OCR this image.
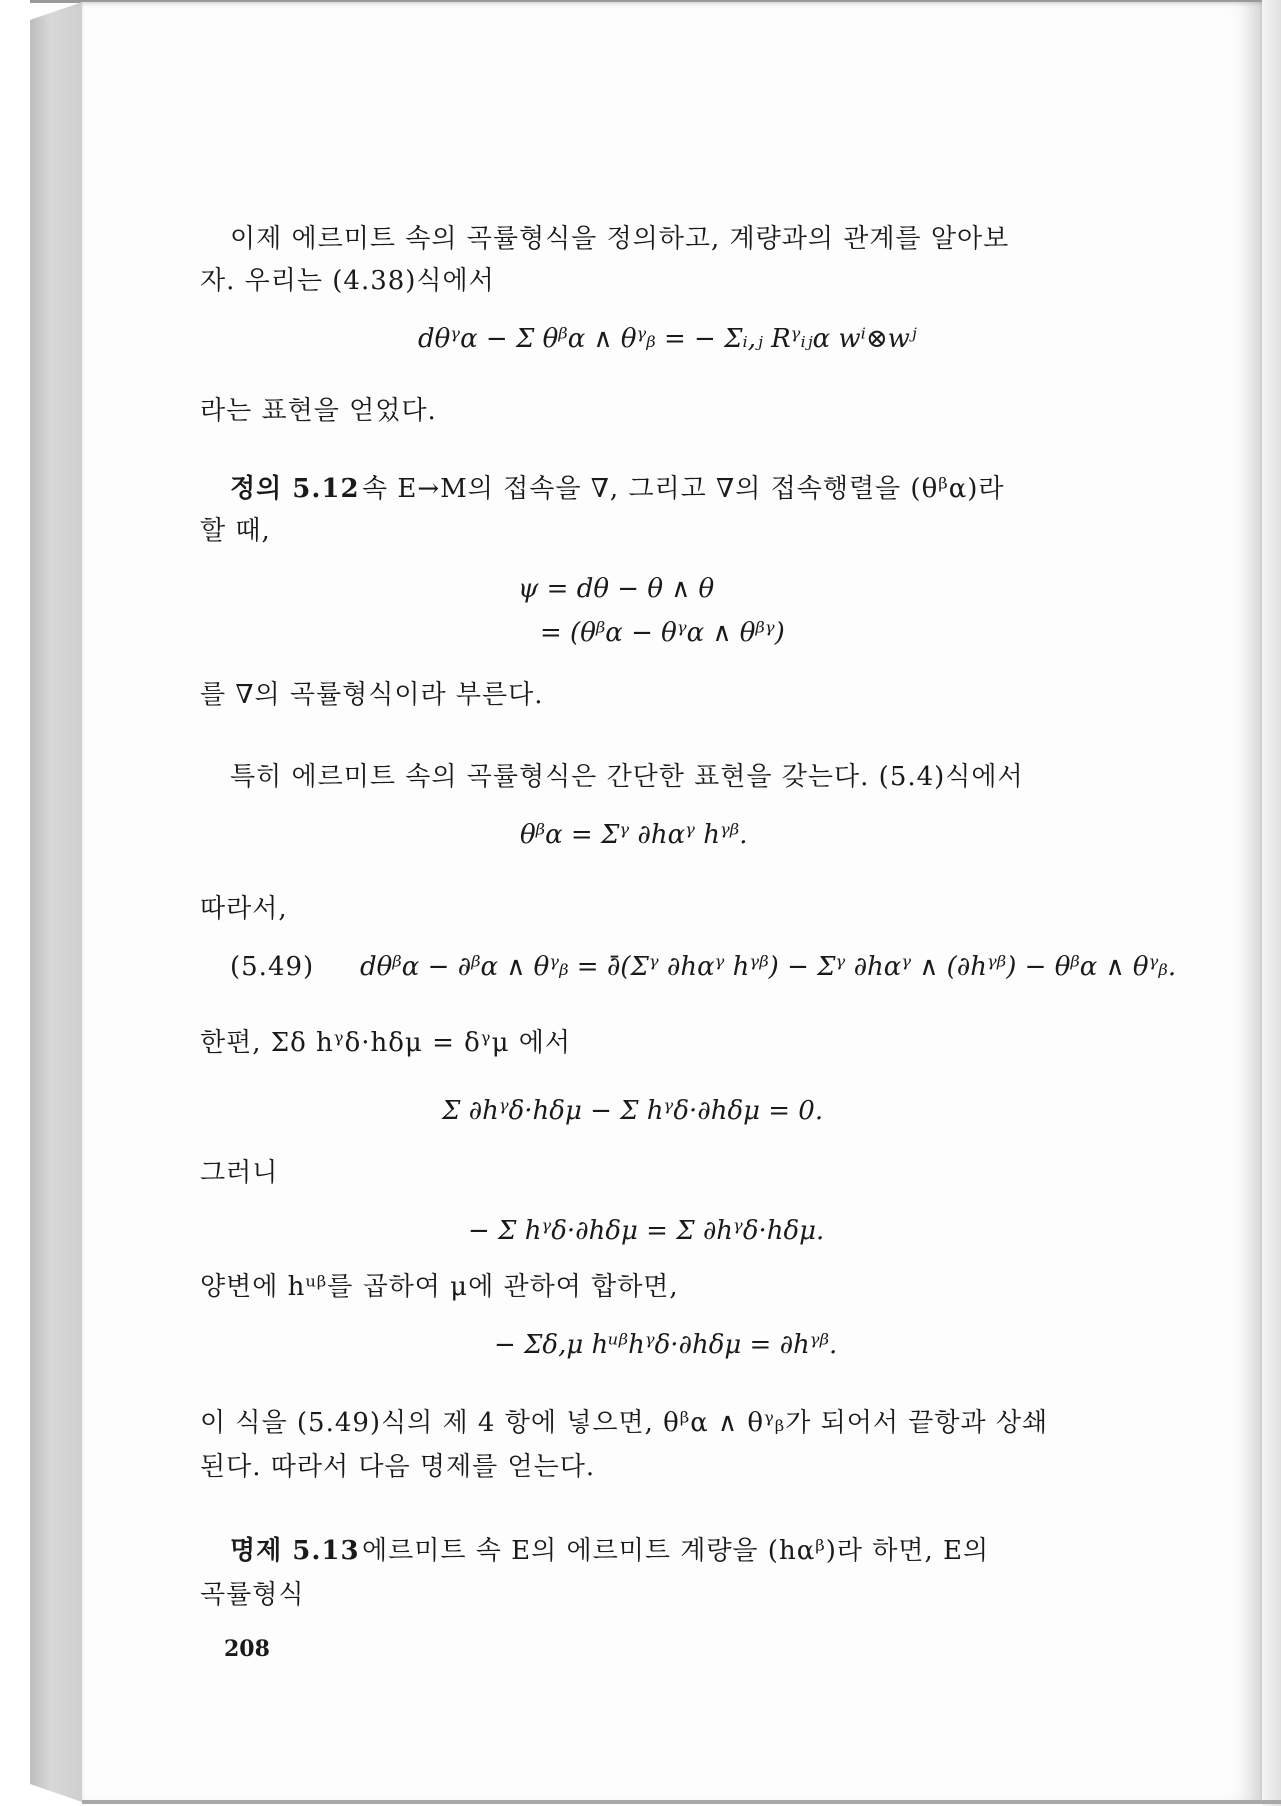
이제 에르미트 속의 곡률형식을 정의하고, 계량과의 관계를 알아보
자. 우리는 (4.38)식에서
dθᵞα − Σ θᵝα ∧ θᵞᵦ = − Σᵢ,ⱼ Rᵞᵢⱼα wⁱ⊗wʲ
라는 표현을 얻었다.
정의 5.12 속 E→M의 접속을 ∇, 그리고 ∇의 접속행렬을 (θᵝα)라
할 때,
ψ = dθ − θ ∧ θ
= (θᵝα − θᵞα ∧ θᵝᵞ)
를 ∇의 곡률형식이라 부른다.
특히 에르미트 속의 곡률형식은 간단한 표현을 갖는다. (5.4)식에서
θᵝα = Σᵞ ∂hαᵞ hᵞᵝ.
따라서,
(5.49) dθᵝα − ∂ᵝα ∧ θᵞᵦ = ∂̄(Σᵞ ∂hαᵞ hᵞᵝ) − Σᵞ ∂hαᵞ ∧ (∂hᵞᵝ) − θᵝα ∧ θᵞᵦ.
한편, Σδ hᵞδ·hδμ = δᵞμ 에서
Σ ∂hᵞδ·hδμ − Σ hᵞδ·∂hδμ = 0.
그러니
− Σ hᵞδ·∂hδμ = Σ ∂hᵞδ·hδμ.
양변에 hᵘᵝ를 곱하여 μ에 관하여 합하면,
− Σδ,μ hᵘᵝhᵞδ·∂hδμ = ∂hᵞᵝ.
이 식을 (5.49)식의 제 4 항에 넣으면, θᵝα ∧ θᵞᵦ가 되어서 끝항과 상쇄
된다. 따라서 다음 명제를 얻는다.
명제 5.13 에르미트 속 E의 에르미트 계량을 (hαᵝ)라 하면, E의
곡률형식
208
